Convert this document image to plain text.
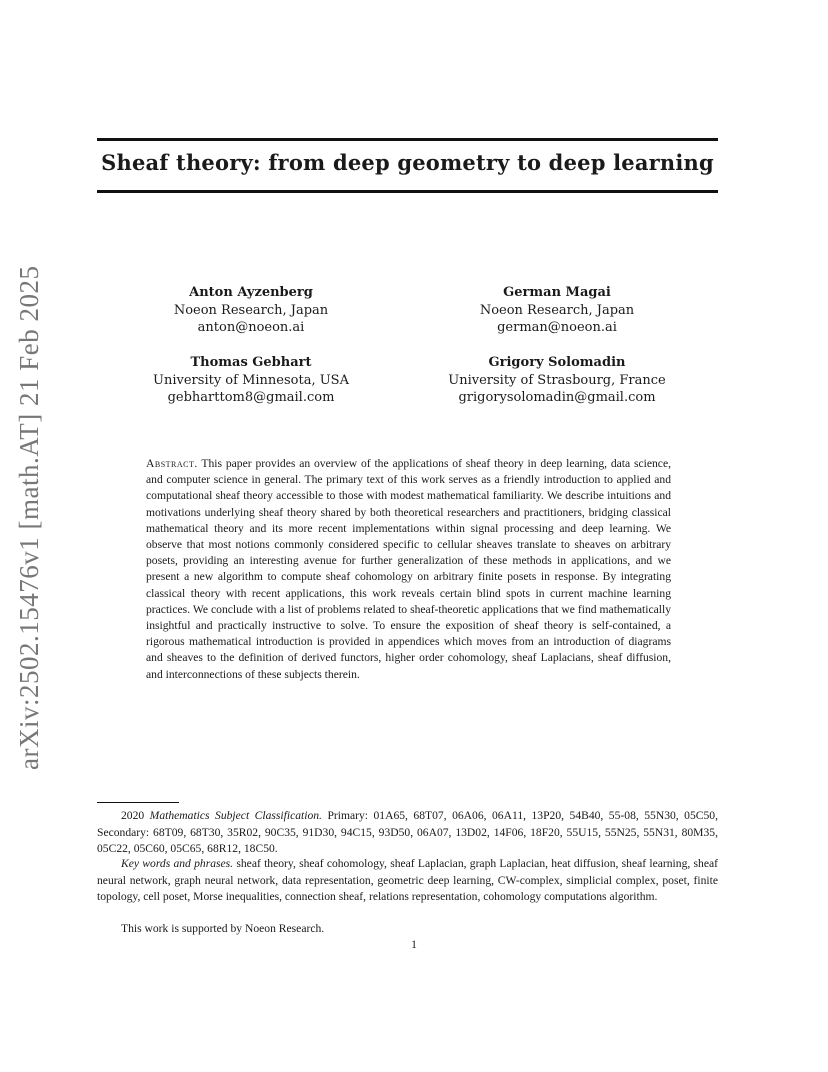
arXiv:2502.15476v1 [math.AT] 21 Feb 2025
Sheaf theory: from deep geometry to deep learning
Anton Ayzenberg
Noeon Research, Japan
anton@noeon.ai
German Magai
Noeon Research, Japan
german@noeon.ai
Thomas Gebhart
University of Minnesota, USA
gebharttom8@gmail.com
Grigory Solomadin
University of Strasbourg, France
grigorysolomadin@gmail.com
Abstract. This paper provides an overview of the applications of sheaf theory in deep learning, data science, and computer science in general. The primary text of this work serves as a friendly introduction to applied and computational sheaf theory accessible to those with modest mathematical familiarity. We describe intuitions and motivations underlying sheaf theory shared by both theoretical researchers and practitioners, bridging classical mathematical theory and its more recent implementations within signal processing and deep learning. We observe that most notions commonly considered specific to cellular sheaves translate to sheaves on arbitrary posets, providing an interesting avenue for further generalization of these methods in applications, and we present a new algorithm to compute sheaf cohomology on arbitrary finite posets in response. By integrating classical theory with recent applications, this work reveals certain blind spots in current machine learning practices. We conclude with a list of problems related to sheaf-theoretic applications that we find mathematically insightful and practically instructive to solve. To ensure the exposition of sheaf theory is self-contained, a rigorous mathematical introduction is provided in appendices which moves from an introduction of diagrams and sheaves to the definition of derived functors, higher order cohomology, sheaf Laplacians, sheaf diffusion, and interconnections of these subjects therein.
2020 Mathematics Subject Classification. Primary: 01A65, 68T07, 06A06, 06A11, 13P20, 54B40, 55-08, 55N30, 05C50, Secondary: 68T09, 68T30, 35R02, 90C35, 91D30, 94C15, 93D50, 06A07, 13D02, 14F06, 18F20, 55U15, 55N25, 55N31, 80M35, 05C22, 05C60, 05C65, 68R12, 18C50.
Key words and phrases. sheaf theory, sheaf cohomology, sheaf Laplacian, graph Laplacian, heat diffusion, sheaf learning, sheaf neural network, graph neural network, data representation, geometric deep learning, CW-complex, simplicial complex, poset, finite topology, cell poset, Morse inequalities, connection sheaf, relations representation, cohomology computations algorithm.
This work is supported by Noeon Research.
1
